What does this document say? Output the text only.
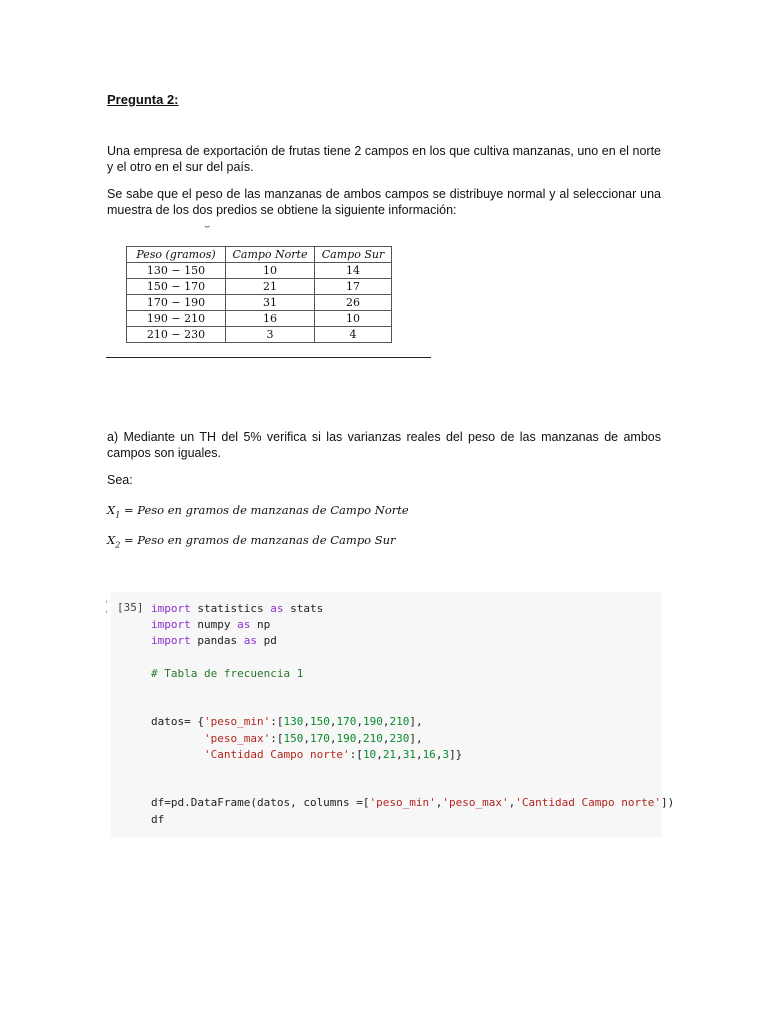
Pregunta 2:
Una empresa de exportación de frutas tiene 2 campos en los que cultiva manzanas, uno en el norte y el otro en el sur del país.
Se sabe que el peso de las manzanas de ambos campos se distribuye normal y al seleccionar una muestra de los dos predios se obtiene la siguiente información:
⌣
Peso (gramos)	Campo Norte	Campo Sur
130 − 150	10	14
150 − 170	21	17
170 − 190	31	26
190 − 210	16	10
210 − 230	3	4
a) Mediante un TH del 5% verifica si las varianzas reales del peso de las manzanas de ambos campos son iguales.
Sea:
$X_1$ = Peso en gramos de manzanas de Campo Norte
$X_2$ = Peso en gramos de manzanas de Campo Sur
'
'
[35] import statistics as stats
import numpy as np
import pandas as pd

# Tabla de frecuencia 1

datos= {'peso_min':[130,150,170,190,210],
'peso_max':[150,170,190,210,230],
'Cantidad Campo norte':[10,21,31,16,3]}

df=pd.DataFrame(datos, columns =['peso_min','peso_max','Cantidad Campo norte'])
df
